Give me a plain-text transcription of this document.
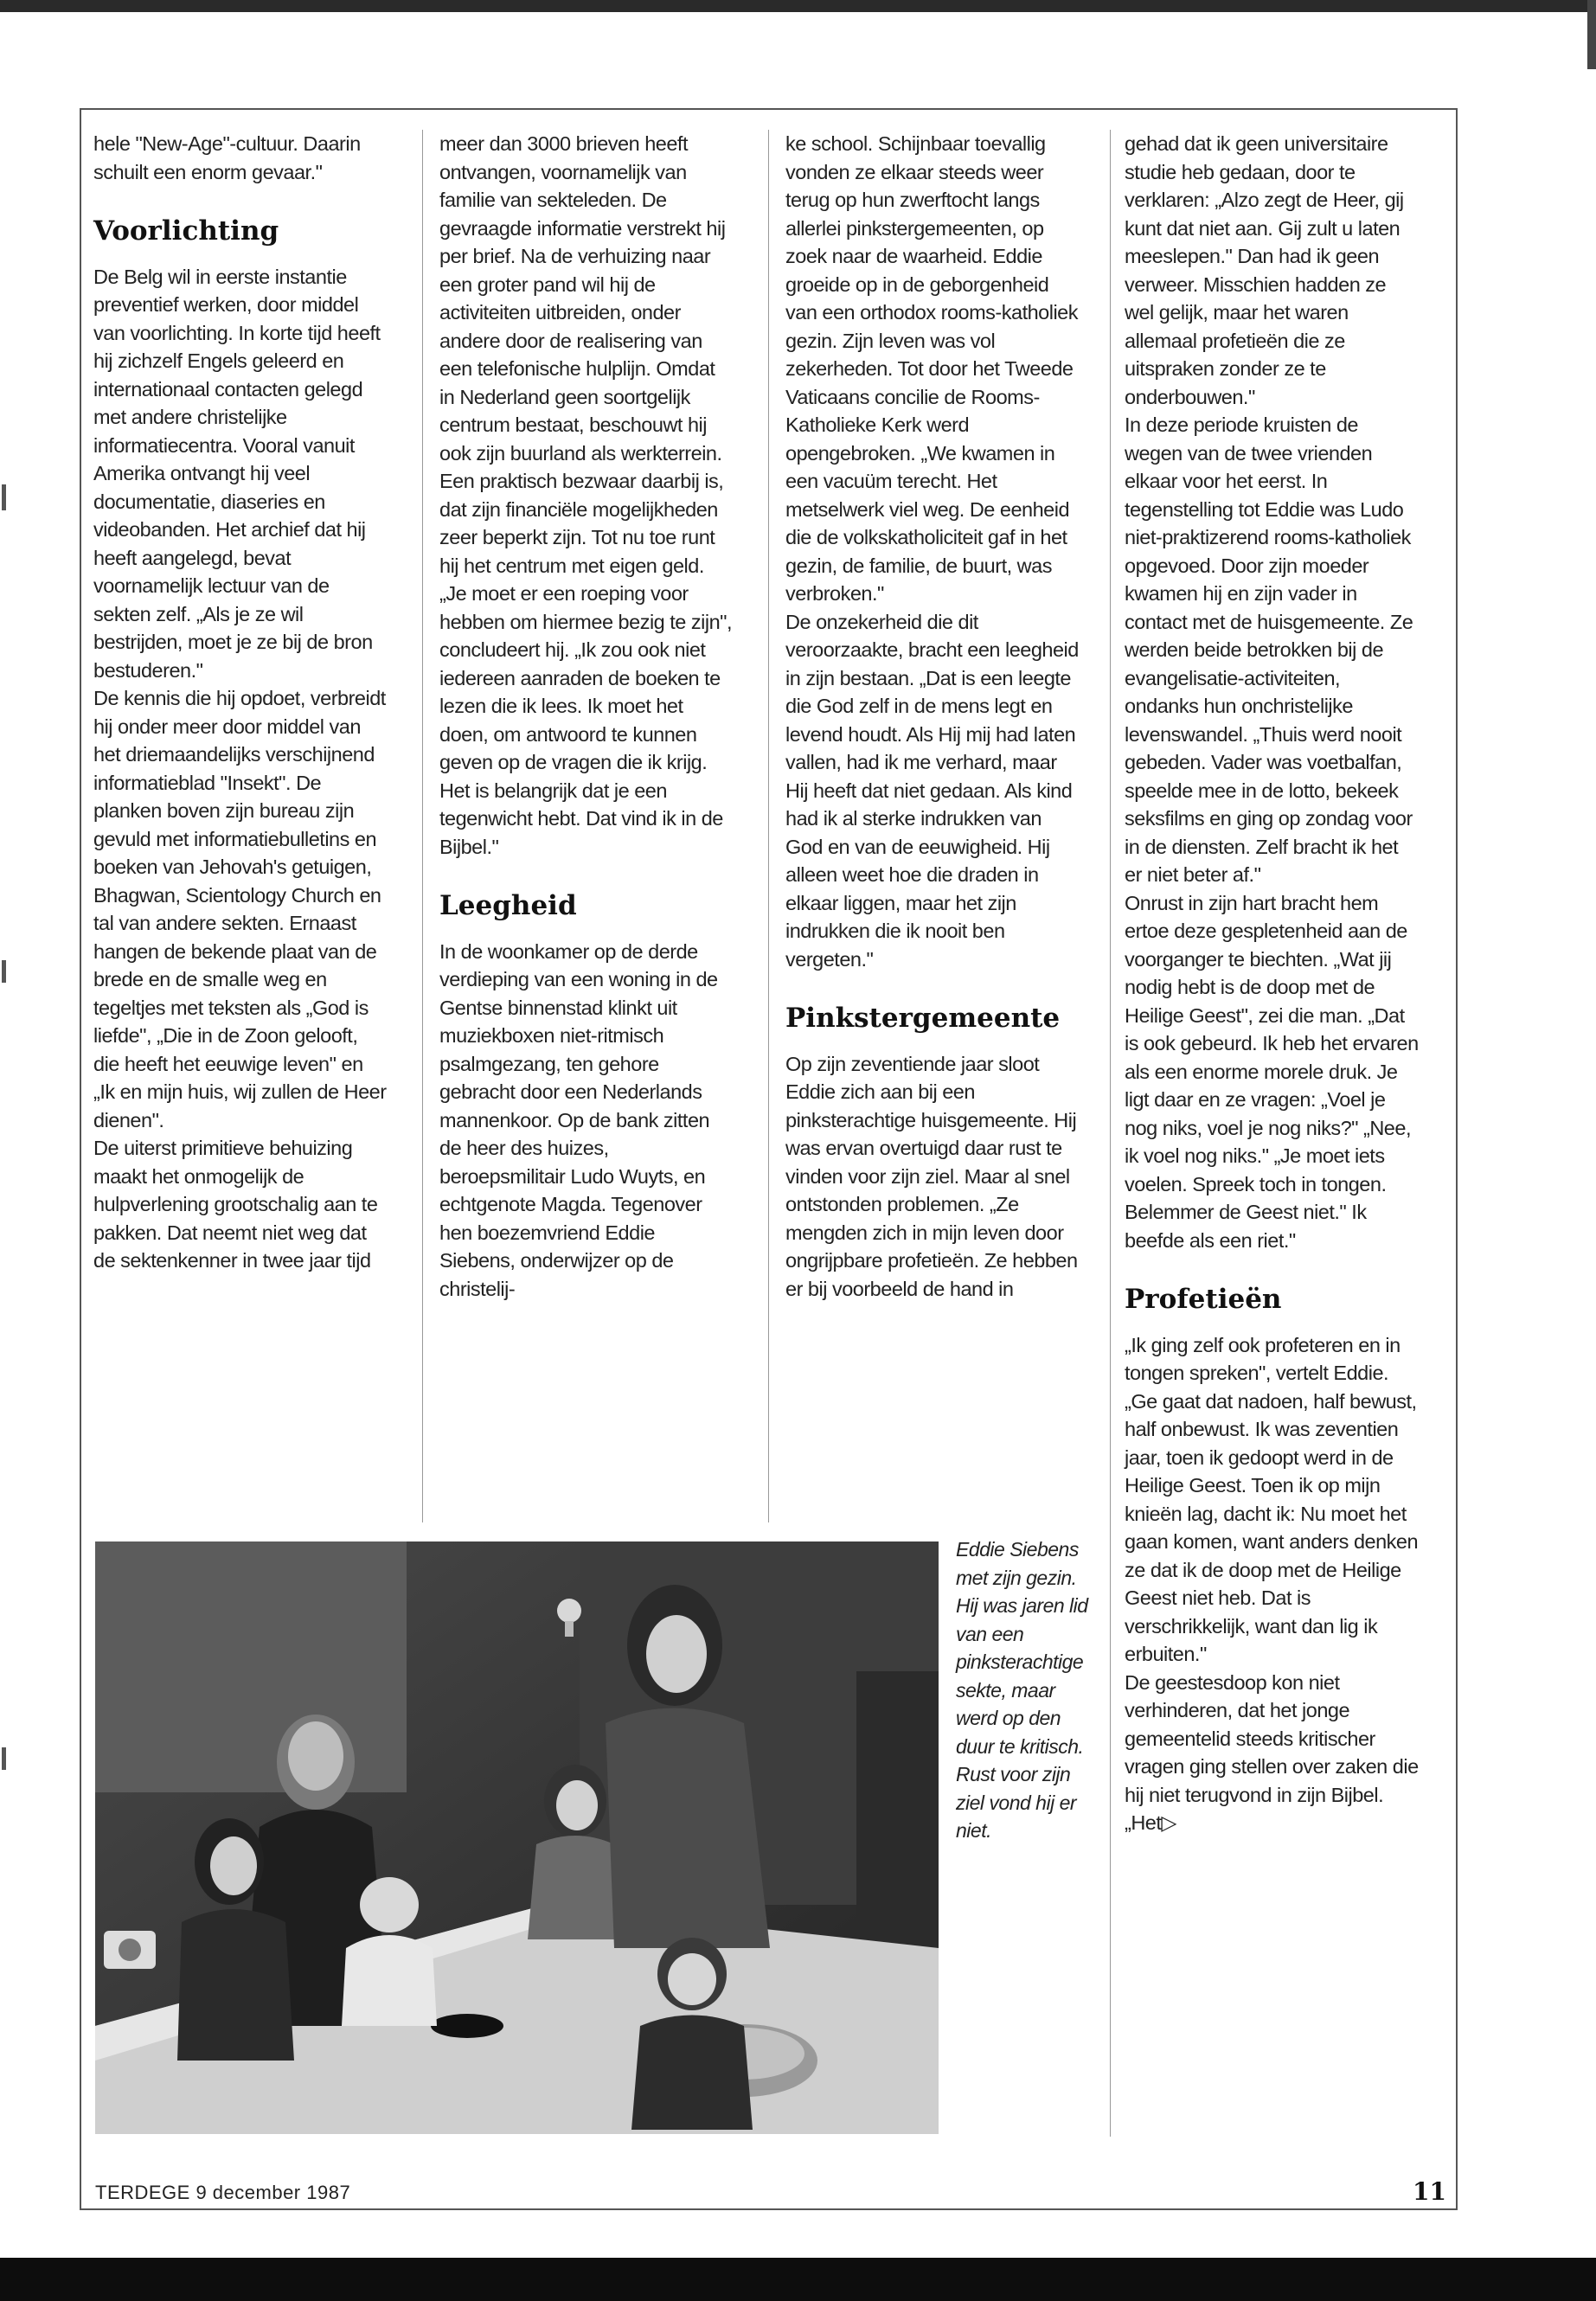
hele "New-Age"-cultuur. Daarin schuilt een enorm gevaar."

Voorlichting

De Belg wil in eerste instantie preventief werken, door middel van voorlichting. In korte tijd heeft hij zichzelf Engels geleerd en internationaal contacten gelegd met andere christelijke informatiecentra. Vooral vanuit Amerika ontvangt hij veel documentatie, diaseries en videobanden. Het archief dat hij heeft aangelegd, bevat voornamelijk lectuur van de sekten zelf. „Als je ze wil bestrijden, moet je ze bij de bron bestuderen."

De kennis die hij opdoet, verbreidt hij onder meer door middel van het driemaandelijks verschijnend informatieblad "Insekt". De planken boven zijn bureau zijn gevuld met informatiebulletins en boeken van Jehovah's getuigen, Bhagwan, Scientology Church en tal van andere sekten. Ernaast hangen de bekende plaat van de brede en de smalle weg en tegeltjes met teksten als „God is liefde", „Die in de Zoon gelooft, die heeft het eeuwige leven" en „Ik en mijn huis, wij zullen de Heer dienen".

De uiterst primitieve behuizing maakt het onmogelijk de hulpverlening grootschalig aan te pakken. Dat neemt niet weg dat de sektenkenner in twee jaar tijd

meer dan 3000 brieven heeft ontvangen, voornamelijk van familie van sekteleden. De gevraagde informatie verstrekt hij per brief. Na de verhuizing naar een groter pand wil hij de activiteiten uitbreiden, onder andere door de realisering van een telefonische hulplijn. Omdat in Nederland geen soortgelijk centrum bestaat, beschouwt hij ook zijn buurland als werkterrein. Een praktisch bezwaar daarbij is, dat zijn financiële mogelijkheden zeer beperkt zijn. Tot nu toe runt hij het centrum met eigen geld.

„Je moet er een roeping voor hebben om hiermee bezig te zijn", concludeert hij. „Ik zou ook niet iedereen aanraden de boeken te lezen die ik lees. Ik moet het doen, om antwoord te kunnen geven op de vragen die ik krijg. Het is belangrijk dat je een tegenwicht hebt. Dat vind ik in de Bijbel."

Leegheid

In de woonkamer op de derde verdieping van een woning in de Gentse binnenstad klinkt uit muziekboxen niet-ritmisch psalmgezang, ten gehore gebracht door een Nederlands mannenkoor. Op de bank zitten de heer des huizes, beroepsmilitair Ludo Wuyts, en echtgenote Magda. Tegenover hen boezemvriend Eddie Siebens, onderwijzer op de christelij-

ke school. Schijnbaar toevallig vonden ze elkaar steeds weer terug op hun zwerftocht langs allerlei pinkstergemeenten, op zoek naar de waarheid. Eddie groeide op in de geborgenheid van een orthodox rooms-katholiek gezin. Zijn leven was vol zekerheden. Tot door het Tweede Vaticaans concilie de Rooms-Katholieke Kerk werd opengebroken. „We kwamen in een vacuüm terecht. Het metselwerk viel weg. De eenheid die de volkskatholiciteit gaf in het gezin, de familie, de buurt, was verbroken."

De onzekerheid die dit veroorzaakte, bracht een leegheid in zijn bestaan. „Dat is een leegte die God zelf in de mens legt en levend houdt. Als Hij mij had laten vallen, had ik me verhard, maar Hij heeft dat niet gedaan. Als kind had ik al sterke indrukken van God en van de eeuwigheid. Hij alleen weet hoe die draden in elkaar liggen, maar het zijn indrukken die ik nooit ben vergeten."

Pinkstergemeente

Op zijn zeventiende jaar sloot Eddie zich aan bij een pinksterachtige huisgemeente. Hij was ervan overtuigd daar rust te vinden voor zijn ziel. Maar al snel ontstonden problemen. „Ze mengden zich in mijn leven door ongrijpbare profetieën. Ze hebben er bij voorbeeld de hand in

gehad dat ik geen universitaire studie heb gedaan, door te verklaren: „Alzo zegt de Heer, gij kunt dat niet aan. Gij zult u laten meeslepen." Dan had ik geen verweer. Misschien hadden ze wel gelijk, maar het waren allemaal profetieën die ze uitspraken zonder ze te onderbouwen."

In deze periode kruisten de wegen van de twee vrienden elkaar voor het eerst. In tegenstelling tot Eddie was Ludo niet-praktizerend rooms-katholiek opgevoed. Door zijn moeder kwamen hij en zijn vader in contact met de huisgemeente. Ze werden beide betrokken bij de evangelisatie-activiteiten, ondanks hun onchristelijke levenswandel. „Thuis werd nooit gebeden. Vader was voetbalfan, speelde mee in de lotto, bekeek seksfilms en ging op zondag voor in de diensten. Zelf bracht ik het er niet beter af."

Onrust in zijn hart bracht hem ertoe deze gespletenheid aan de voorganger te biechten. „Wat jij nodig hebt is de doop met de Heilige Geest", zei die man. „Dat is ook gebeurd. Ik heb het ervaren als een enorme morele druk. Je ligt daar en ze vragen: „Voel je nog niks, voel je nog niks?" „Nee, ik voel nog niks." „Je moet iets voelen. Spreek toch in tongen. Belemmer de Geest niet." Ik beefde als een riet."

Profetieën

„Ik ging zelf ook profeteren en in tongen spreken", vertelt Eddie. „Ge gaat dat nadoen, half bewust, half onbewust. Ik was zeventien jaar, toen ik gedoopt werd in de Heilige Geest. Toen ik op mijn knieën lag, dacht ik: Nu moet het gaan komen, want anders denken ze dat ik de doop met de Heilige Geest niet heb. Dat is verschrikkelijk, want dan lig ik erbuiten."

De geestesdoop kon niet verhinderen, dat het jonge gemeentelid steeds kritischer vragen ging stellen over zaken die hij niet terugvond in zijn Bijbel. „Het▷

Eddie Siebens met zijn gezin. Hij was jaren lid van een pinksterachtige sekte, maar werd op den duur te kritisch. Rust voor zijn ziel vond hij er niet.
TERDEGE 9 december 1987	11
